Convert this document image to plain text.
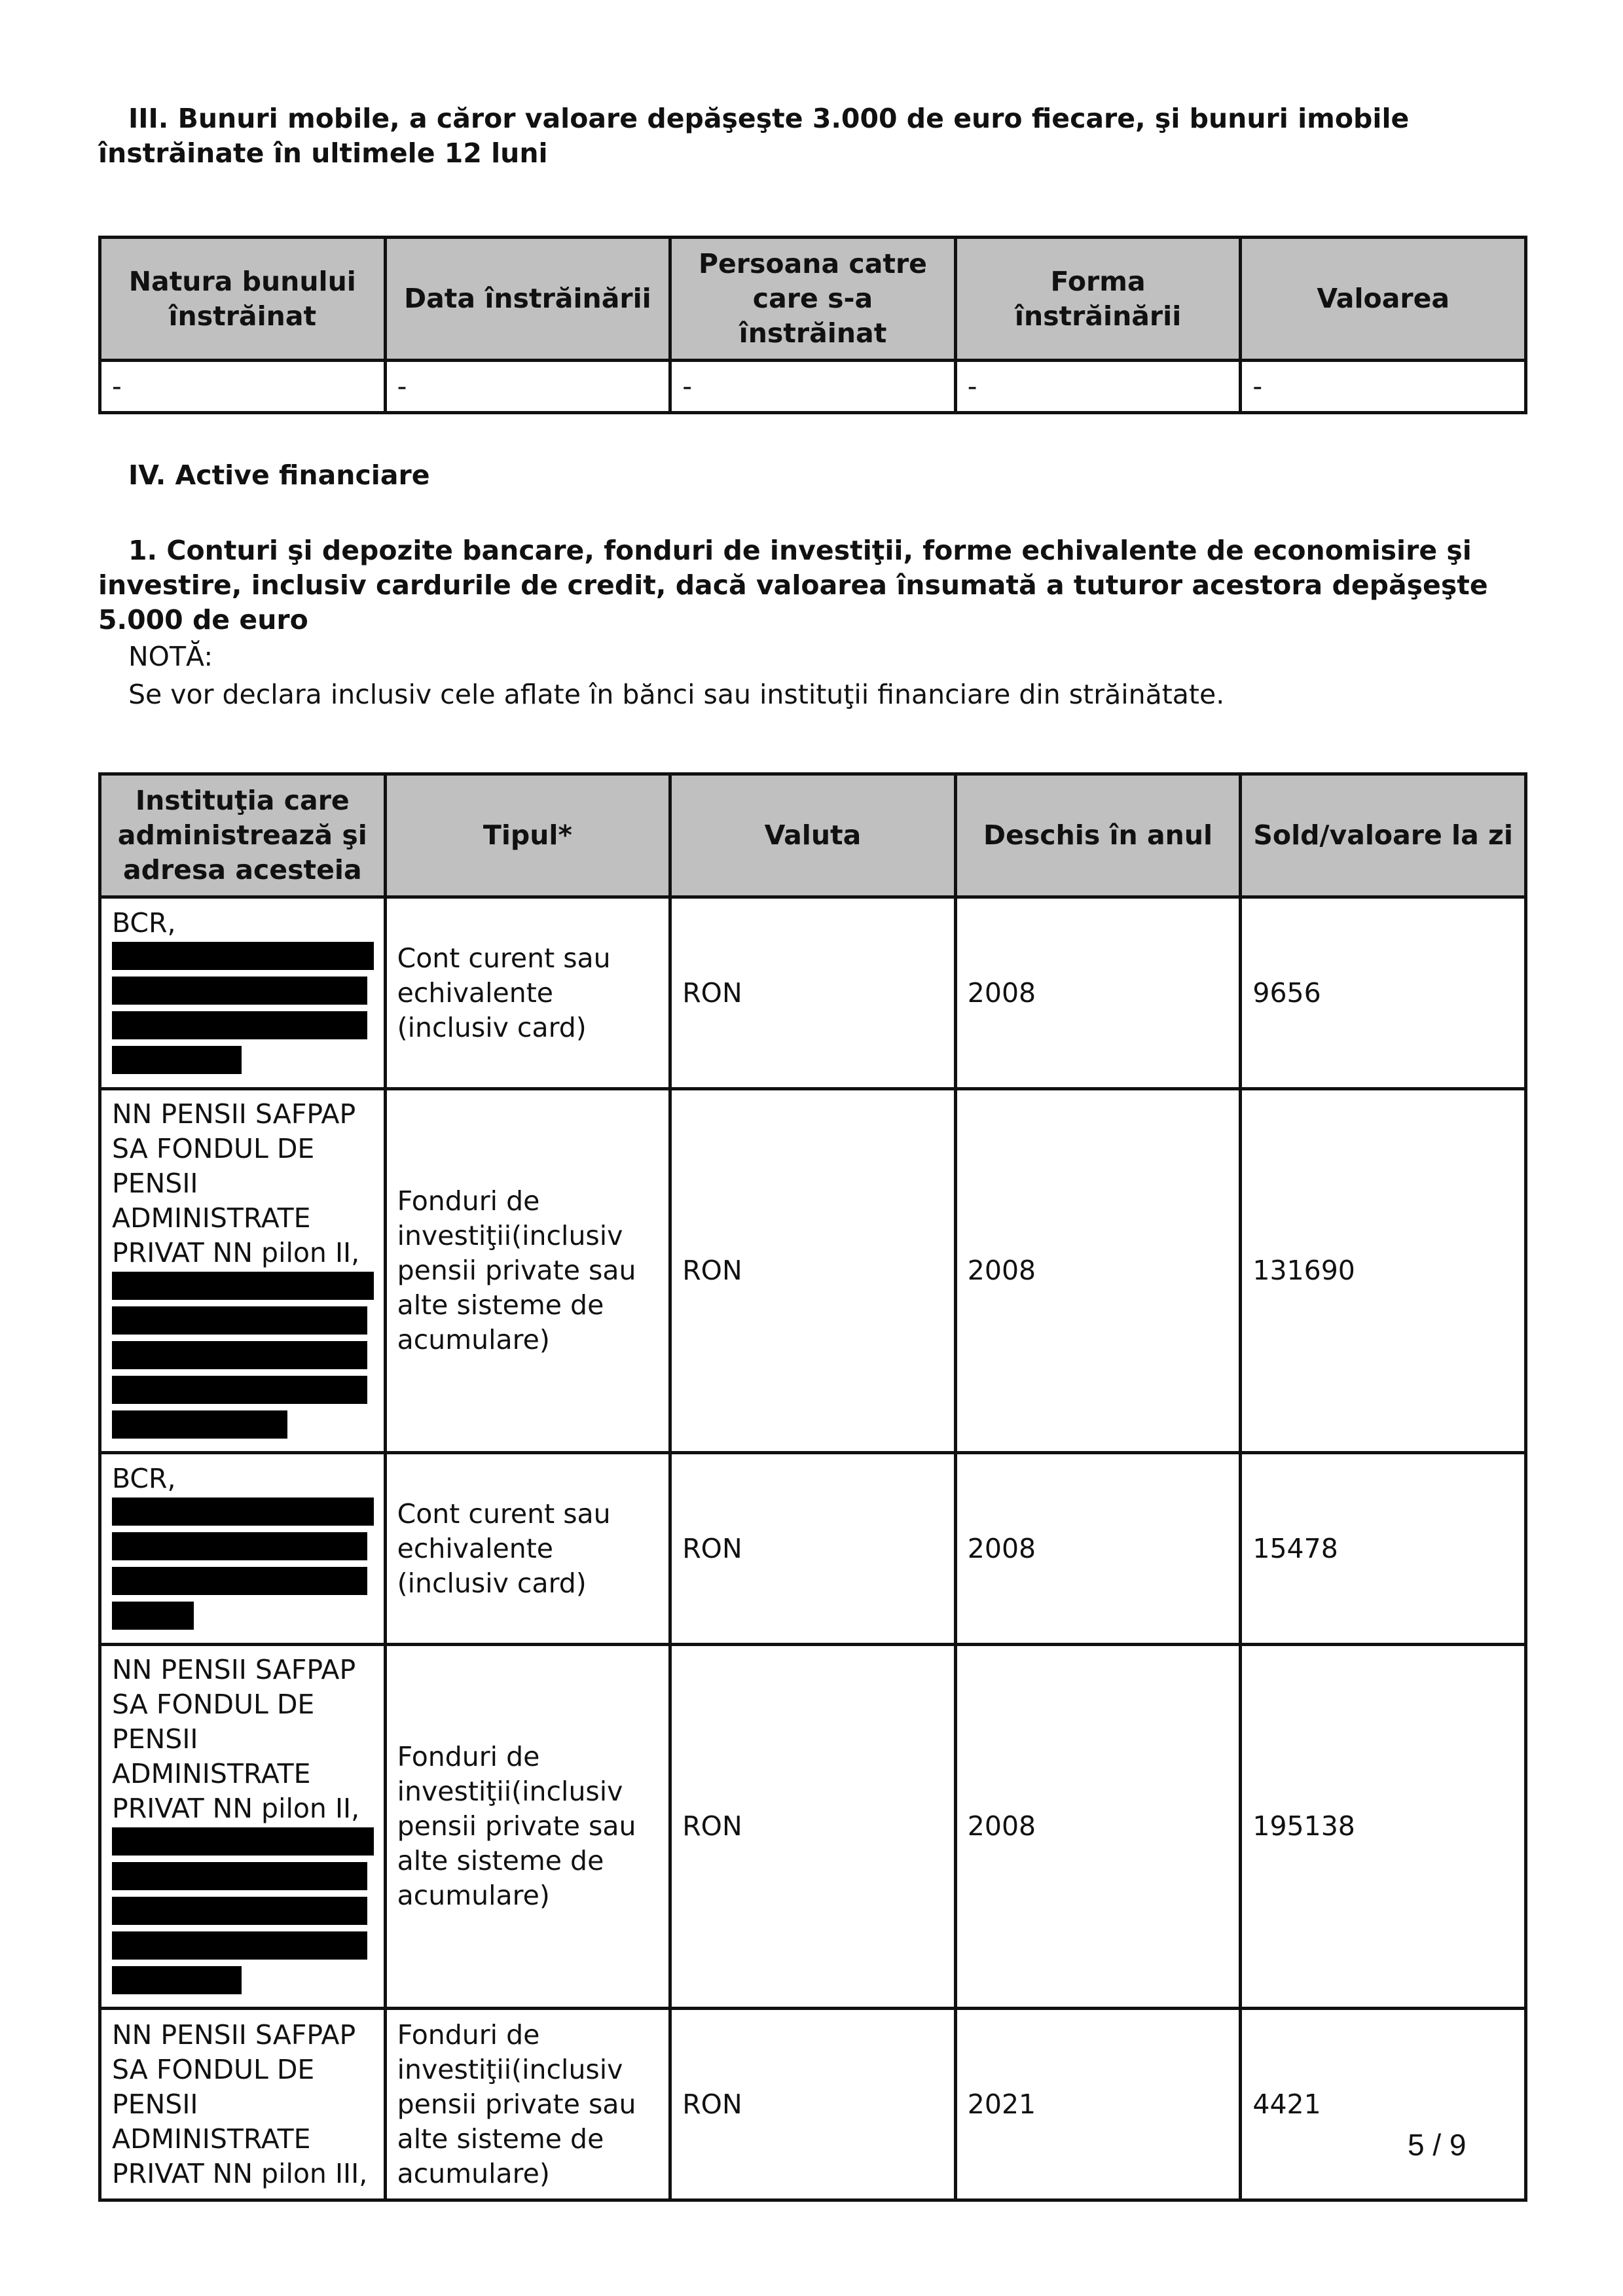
III. Bunuri mobile, a căror valoare depăşeşte 3.000 de euro fiecare, şi bunuri imobile înstrăinate în ultimele 12 luni

Natura bunului înstrăinat	Data înstrăinării	Persoana catre care s-a înstrăinat	Forma înstrăinării	Valoarea
-	-	-	-	-

IV. Active financiare

1. Conturi şi depozite bancare, fonduri de investiţii, forme echivalente de economisire şi investire, inclusiv cardurile de credit, dacă valoarea însumată a tuturor acestora depăşeşte 5.000 de euro

NOTĂ:

Se vor declara inclusiv cele aflate în bănci sau instituţii financiare din străinătate.

Instituţia care administrează şi adresa acesteia	Tipul*	Valuta	Deschis în anul	Sold/valoare la zi

BCR,	Cont curent sau echivalente (inclusiv card)	RON	2008	9656

NN PENSII SAFPAP SA FONDUL DE PENSII ADMINISTRATE PRIVAT NN pilon II,	Fonduri de investiţii(inclusiv pensii private sau alte sisteme de acumulare)	RON	2008	131690

BCR,	Cont curent sau echivalente (inclusiv card)	RON	2008	15478

NN PENSII SAFPAP SA FONDUL DE PENSII ADMINISTRATE PRIVAT NN pilon II,	Fonduri de investiţii(inclusiv pensii private sau alte sisteme de acumulare)	RON	2008	195138

NN PENSII SAFPAP SA FONDUL DE PENSII ADMINISTRATE PRIVAT NN pilon III,	Fonduri de investiţii(inclusiv pensii private sau alte sisteme de acumulare)	RON	2021	4421
5 / 9
